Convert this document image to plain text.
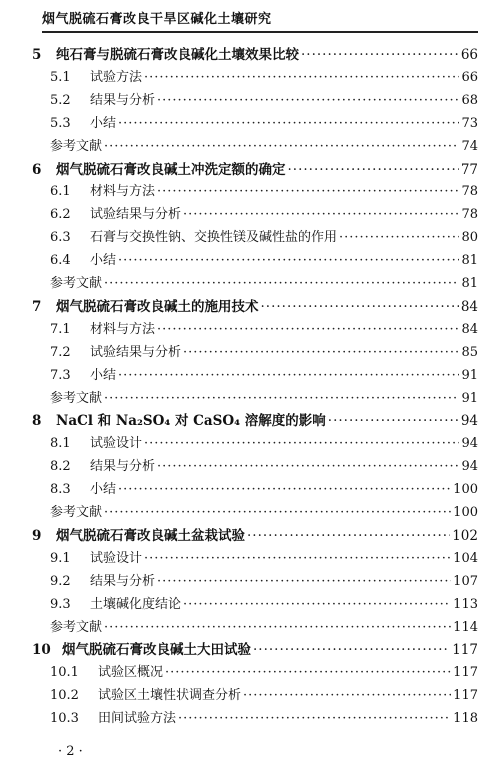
烟气脱硫石膏改良干旱区碱化土壤研究
5	纯石膏与脱硫石膏改良碱化土壤效果比较 ·····	66
5.1	试验方法 ·····	66
5.2	结果与分析 ·····	68
5.3	小结 ·····	73
参考文献 ·····	74
6	烟气脱硫石膏改良碱土冲洗定额的确定 ·····	77
6.1	材料与方法 ·····	78
6.2	试验结果与分析 ·····	78
6.3	石膏与交换性钠、交换性镁及碱性盐的作用 ·····	80
6.4	小结 ·····	81
参考文献 ·····	81
7	烟气脱硫石膏改良碱土的施用技术 ·····	84
7.1	材料与方法 ·····	84
7.2	试验结果与分析 ·····	85
7.3	小结 ·····	91
参考文献 ·····	91
8	NaCl 和 Na₂SO₄ 对 CaSO₄ 溶解度的影响 ·····	94
8.1	试验设计 ·····	94
8.2	结果与分析 ·····	94
8.3	小结 ·····	100
参考文献 ·····	100
9	烟气脱硫石膏改良碱土盆栽试验 ·····	102
9.1	试验设计 ·····	104
9.2	结果与分析 ·····	107
9.3	土壤碱化度结论 ·····	113
参考文献 ·····	114
10 烟气脱硫石膏改良碱土大田试验 ·····	117
10.1	试验区概况 ·····	117
10.2	试验区土壤性状调查分析 ·····	117
10.3	田间试验方法 ·····	118
· 2 ·
